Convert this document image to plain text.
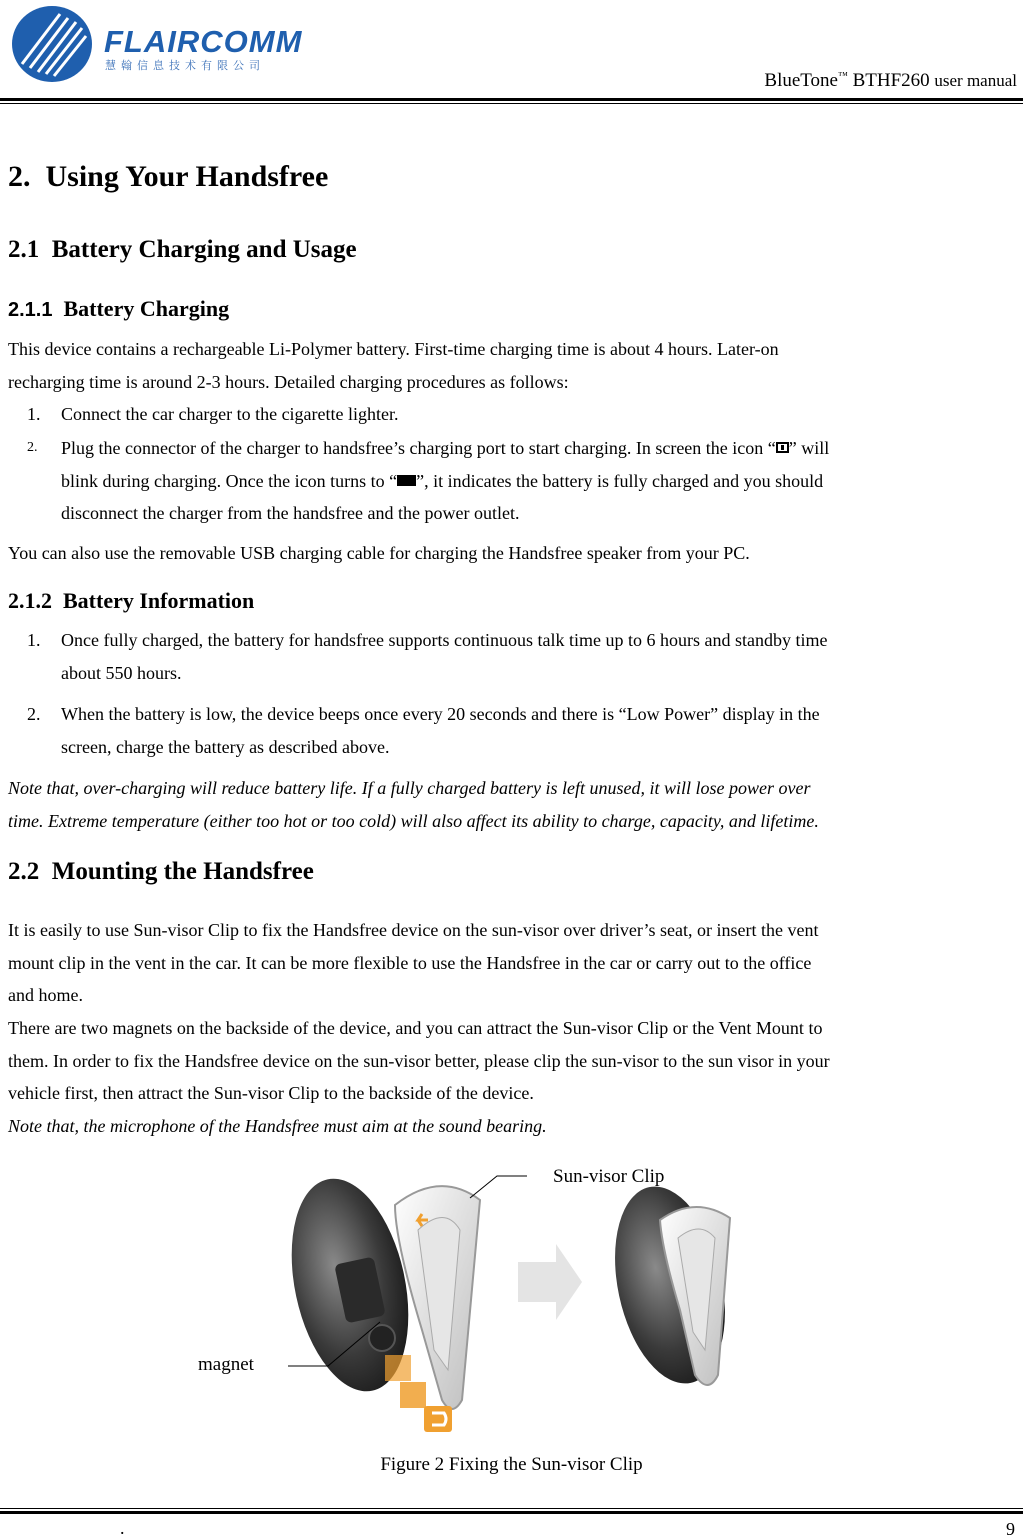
FLAIRCOMM
慧翰信息技术有限公司
BlueTone™ BTHF260 user manual
2. Using Your Handsfree
2.1 Battery Charging and Usage
2.1.1 Battery Charging

This device contains a rechargeable Li-Polymer battery. First-time charging time is about 4 hours. Later-on
recharging time is around 2-3 hours. Detailed charging procedures as follows:

1. Connect the car charger to the cigarette lighter.

2. Plug the connector of the charger to handsfree’s charging port to start charging. In screen the icon “ ” will
blink during charging. Once the icon turns to “ ”, it indicates the battery is fully charged and you should
disconnect the charger from the handsfree and the power outlet.

You can also use the removable USB charging cable for charging the Handsfree speaker from your PC.

2.1.2 Battery Information
1. Once fully charged, the battery for handsfree supports continuous talk time up to 6 hours and standby time
about 550 hours.

2. When the battery is low, the device beeps once every 20 seconds and there is “Low Power” display in the
screen, charge the battery as described above.

Note that, over-charging will reduce battery life. If a fully charged battery is left unused, it will lose power over
time. Extreme temperature (either too hot or too cold) will also affect its ability to charge, capacity, and lifetime.

2.2 Mounting the Handsfree

It is easily to use Sun-visor Clip to fix the Handsfree device on the sun-visor over driver’s seat, or insert the vent
mount clip in the vent in the car. It can be more flexible to use the Handsfree in the car or carry out to the office
and home.

There are two magnets on the backside of the device, and you can attract the Sun-visor Clip or the Vent Mount to
them. In order to fix the Handsfree device on the sun-visor better, please clip the sun-visor to the sun visor in your
vehicle first, then attract the Sun-visor Clip to the backside of the device.

Note that, the microphone of the Handsfree must aim at the sound bearing.

Sun-visor Clip
magnet
Figure 2 Fixing the Sun-visor Clip
.	9
